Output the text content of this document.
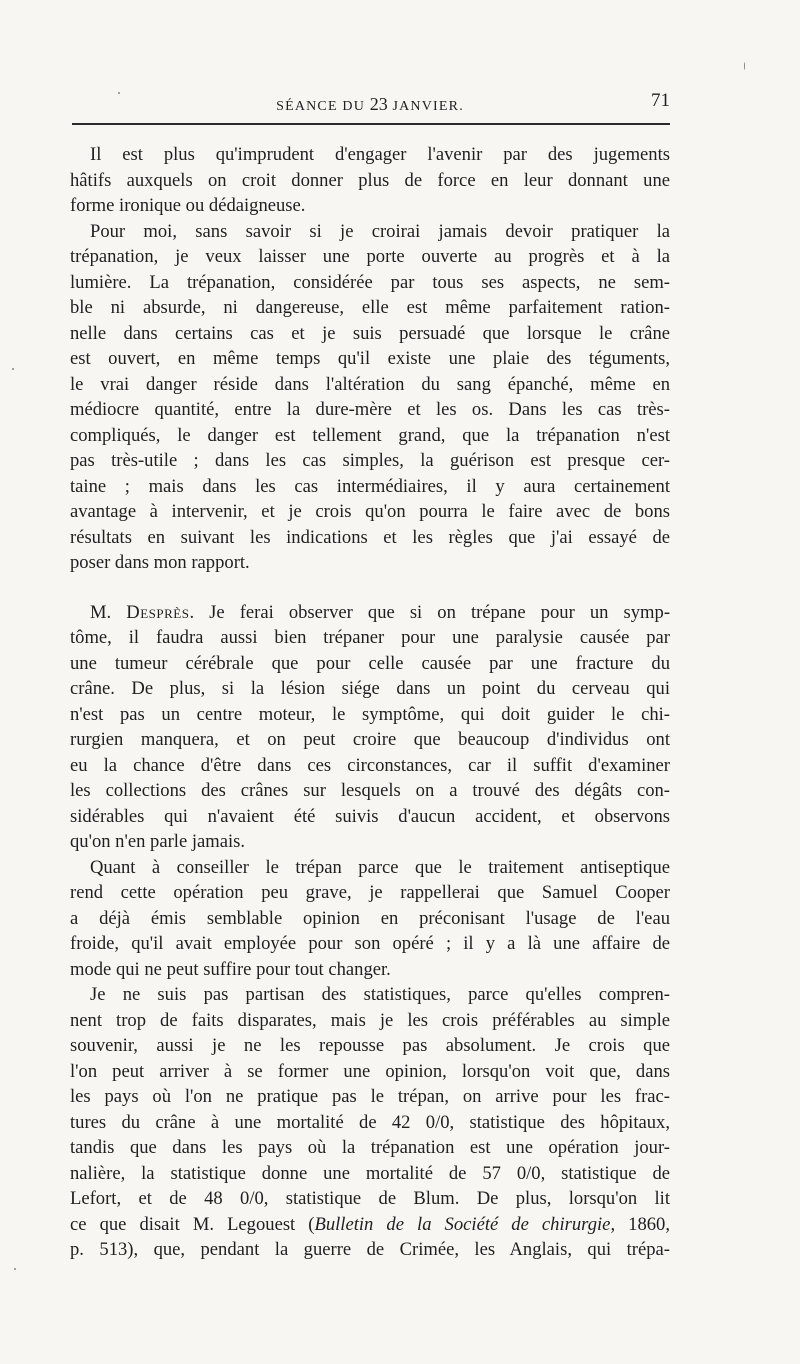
SÉANCE DU 23 JANVIER.	71
Il est plus qu'imprudent d'engager l'avenir par des jugements
hâtifs auxquels on croit donner plus de force en leur donnant une
forme ironique ou dédaigneuse.
Pour moi, sans savoir si je croirai jamais devoir pratiquer la
trépanation, je veux laisser une porte ouverte au progrès et à la
lumière. La trépanation, considérée par tous ses aspects, ne sem-
ble ni absurde, ni dangereuse, elle est même parfaitement ration-
nelle dans certains cas et je suis persuadé que lorsque le crâne
est ouvert, en même temps qu'il existe une plaie des téguments,
le vrai danger réside dans l'altération du sang épanché, même en
médiocre quantité, entre la dure-mère et les os. Dans les cas très-
compliqués, le danger est tellement grand, que la trépanation n'est
pas très-utile ; dans les cas simples, la guérison est presque cer-
taine ; mais dans les cas intermédiaires, il y aura certainement
avantage à intervenir, et je crois qu'on pourra le faire avec de bons
résultats en suivant les indications et les règles que j'ai essayé de
poser dans mon rapport.
M. Desprès. Je ferai observer que si on trépane pour un symp-
tôme, il faudra aussi bien trépaner pour une paralysie causée par
une tumeur cérébrale que pour celle causée par une fracture du
crâne. De plus, si la lésion siége dans un point du cerveau qui
n'est pas un centre moteur, le symptôme, qui doit guider le chi-
rurgien manquera, et on peut croire que beaucoup d'individus ont
eu la chance d'être dans ces circonstances, car il suffit d'examiner
les collections des crânes sur lesquels on a trouvé des dégâts con-
sidérables qui n'avaient été suivis d'aucun accident, et observons
qu'on n'en parle jamais.
Quant à conseiller le trépan parce que le traitement antiseptique
rend cette opération peu grave, je rappellerai que Samuel Cooper
a déjà émis semblable opinion en préconisant l'usage de l'eau
froide, qu'il avait employée pour son opéré ; il y a là une affaire de
mode qui ne peut suffire pour tout changer.
Je ne suis pas partisan des statistiques, parce qu'elles compren-
nent trop de faits disparates, mais je les crois préférables au simple
souvenir, aussi je ne les repousse pas absolument. Je crois que
l'on peut arriver à se former une opinion, lorsqu'on voit que, dans
les pays où l'on ne pratique pas le trépan, on arrive pour les frac-
tures du crâne à une mortalité de 42 0/0, statistique des hôpitaux,
tandis que dans les pays où la trépanation est une opération jour-
nalière, la statistique donne une mortalité de 57 0/0, statistique de
Lefort, et de 48 0/0, statistique de Blum. De plus, lorsqu'on lit
ce que disait M. Legouest (Bulletin de la Société de chirurgie, 1860,
p. 513), que, pendant la guerre de Crimée, les Anglais, qui trépa-
